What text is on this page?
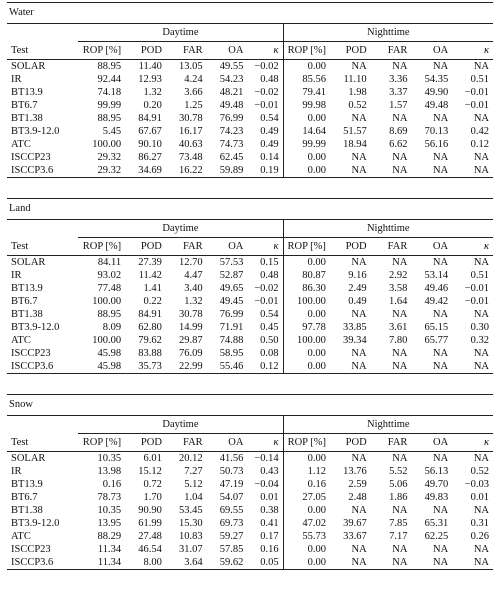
Water										
	Daytime					Nighttime				
Test	ROP [%]	POD	FAR	OA	κ	ROP [%]	POD	FAR	OA	κ
SOLAR	88.95	11.40	13.05	49.55	−0.02	0.00	NA	NA	NA	NA
IR	92.44	12.93	4.24	54.23	0.48	85.56	11.10	3.36	54.35	0.51
BT13.9	74.18	1.32	3.66	48.21	−0.02	79.41	1.98	3.37	49.90	−0.01
BT6.7	99.99	0.20	1.25	49.48	−0.01	99.98	0.52	1.57	49.48	−0.01
BT1.38	88.95	84.91	30.78	76.99	0.54	0.00	NA	NA	NA	NA
BT3.9-12.0	5.45	67.67	16.17	74.23	0.49	14.64	51.57	8.69	70.13	0.42
ATC	100.00	90.10	40.63	74.73	0.49	99.99	18.94	6.62	56.16	0.12
ISCCP23	29.32	86.27	73.48	62.45	0.14	0.00	NA	NA	NA	NA
ISCCP3.6	29.32	34.69	16.22	59.89	0.19	0.00	NA	NA	NA	NA
Land										
	Daytime					Nighttime				
Test	ROP [%]	POD	FAR	OA	κ	ROP [%]	POD	FAR	OA	κ
SOLAR	84.11	27.39	12.70	57.53	0.15	0.00	NA	NA	NA	NA
IR	93.02	11.42	4.47	52.87	0.48	80.87	9.16	2.92	53.14	0.51
BT13.9	77.48	1.41	3.40	49.65	−0.02	86.30	2.49	3.58	49.46	−0.01
BT6.7	100.00	0.22	1.32	49.45	−0.01	100.00	0.49	1.64	49.42	−0.01
BT1.38	88.95	84.91	30.78	76.99	0.54	0.00	NA	NA	NA	NA
BT3.9-12.0	8.09	62.80	14.99	71.91	0.45	97.78	33.85	3.61	65.15	0.30
ATC	100.00	79.62	29.87	74.88	0.50	100.00	39.34	7.80	65.77	0.32
ISCCP23	45.98	83.88	76.09	58.95	0.08	0.00	NA	NA	NA	NA
ISCCP3.6	45.98	35.73	22.99	55.46	0.12	0.00	NA	NA	NA	NA
Snow										
	Daytime					Nighttime				
Test	ROP [%]	POD	FAR	OA	κ	ROP [%]	POD	FAR	OA	κ
SOLAR	10.35	6.01	20.12	41.56	−0.14	0.00	NA	NA	NA	NA
IR	13.98	15.12	7.27	50.73	0.43	1.12	13.76	5.52	56.13	0.52
BT13.9	0.16	0.72	5.12	47.19	−0.04	0.16	2.59	5.06	49.70	−0.03
BT6.7	78.73	1.70	1.04	54.07	0.01	27.05	2.48	1.86	49.83	0.01
BT1.38	10.35	90.90	53.45	69.55	0.38	0.00	NA	NA	NA	NA
BT3.9-12.0	13.95	61.99	15.30	69.73	0.41	47.02	39.67	7.85	65.31	0.31
ATC	88.29	27.48	10.83	59.27	0.17	55.73	33.67	7.17	62.25	0.26
ISCCP23	11.34	46.54	31.07	57.85	0.16	0.00	NA	NA	NA	NA
ISCCP3.6	11.34	8.00	3.64	59.62	0.05	0.00	NA	NA	NA	NA
